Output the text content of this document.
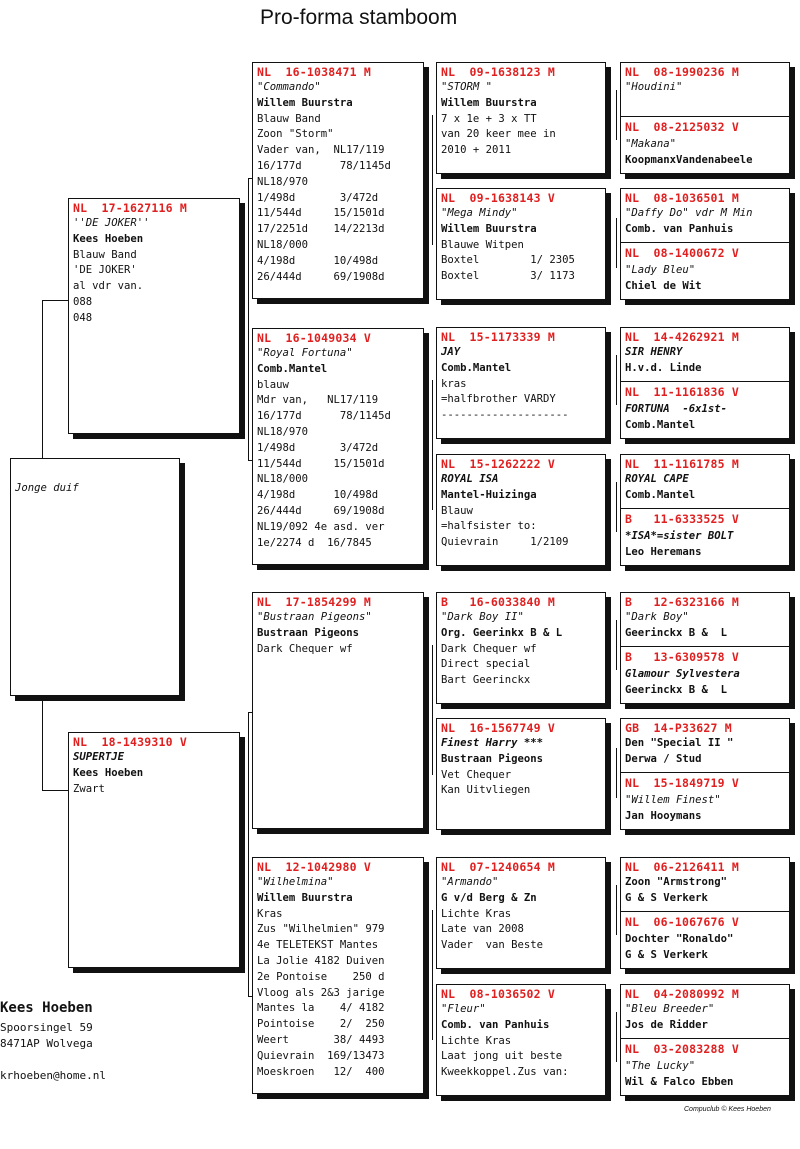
Pro-forma stamboom
Jonge duif
NL  17-1627116 M
''DE JOKER''
Kees Hoeben
Blauw Band
'DE JOKER'
al vdr van.
088
048
NL  18-1439310 V
SUPERTJE
Kees Hoeben
Zwart
NL  16-1038471 M
"Commando"
Willem Buurstra
Blauw Band
Zoon "Storm"
Vader van,  NL17/119
16/177d      78/1145d
NL18/970
1/498d       3/472d
11/544d     15/1501d
17/2251d    14/2213d
NL18/000
4/198d      10/498d
26/444d     69/1908d
NL  16-1049034 V
"Royal Fortuna"
Comb.Mantel
blauw
Mdr van,   NL17/119
16/177d      78/1145d
NL18/970
1/498d       3/472d
11/544d     15/1501d
NL18/000
4/198d      10/498d
26/444d     69/1908d
NL19/092 4e asd. ver
1e/2274 d  16/7845
NL  17-1854299 M
"Bustraan Pigeons"
Bustraan Pigeons
Dark Chequer wf
NL  12-1042980 V
"Wilhelmina"
Willem Buurstra
Kras
Zus "Wilhelmien" 979
4e TELETEKST Mantes
La Jolie 4182 Duiven
2e Pontoise    250 d
Vloog als 2&3 jarige
Mantes la    4/ 4182
Pointoise    2/  250
Weert       38/ 4493
Quievrain  169/13473
Moeskroen   12/  400
NL  09-1638123 M
"STORM "
Willem Buurstra
7 x 1e + 3 x TT
van 20 keer mee in
2010 + 2011
NL  09-1638143 V
"Mega Mindy"
Willem Buurstra
Blauwe Witpen
Boxtel        1/ 2305
Boxtel        3/ 1173
NL  15-1173339 M
JAY
Comb.Mantel
kras
=halfbrother VARDY
--------------------
NL  15-1262222 V
ROYAL ISA
Mantel-Huizinga
Blauw
=halfsister to:
Quievrain     1/2109
B   16-6033840 M
"Dark Boy II"
Org. Geerinkx B & L
Dark Chequer wf
Direct special
Bart Geerinckx
NL  16-1567749 V
Finest Harry ***
Bustraan Pigeons
Vet Chequer
Kan Uitvliegen
NL  07-1240654 M
"Armando"
G v/d Berg & Zn
Lichte Kras
Late van 2008
Vader  van Beste
NL  08-1036502 V
"Fleur"
Comb. van Panhuis
Lichte Kras
Laat jong uit beste
Kweekkoppel.Zus van:
NL  08-1990236 M
"Houdini"
NL  08-2125032 V
"Makana"
KoopmanxVandenabeele
NL  08-1036501 M
"Daffy Do" vdr M Min
Comb. van Panhuis
NL  08-1400672 V
"Lady Bleu"
Chiel de Wit
NL  14-4262921 M
SIR HENRY
H.v.d. Linde
NL  11-1161836 V
FORTUNA  -6x1st-
Comb.Mantel
NL  11-1161785 M
ROYAL CAPE
Comb.Mantel
B   11-6333525 V
*ISA*=sister BOLT
Leo Heremans
B   12-6323166 M
"Dark Boy"
Geerinckx B &  L
B   13-6309578 V
Glamour Sylvestera
Geerinckx B &  L
GB  14-P33627 M
Den "Special II "
Derwa / Stud
NL  15-1849719 V
"Willem Finest"
Jan Hooymans
NL  06-2126411 M
Zoon "Armstrong"
G & S Verkerk
NL  06-1067676 V
Dochter "Ronaldo"
G & S Verkerk
NL  04-2080992 M
"Bleu Breeder"
Jos de Ridder
NL  03-2083288 V
"The Lucky"
Wil & Falco Ebben
Kees Hoeben
Spoorsingel 59
8471AP Wolvega
krhoeben@home.nl
Compuclub © Kees Hoeben
